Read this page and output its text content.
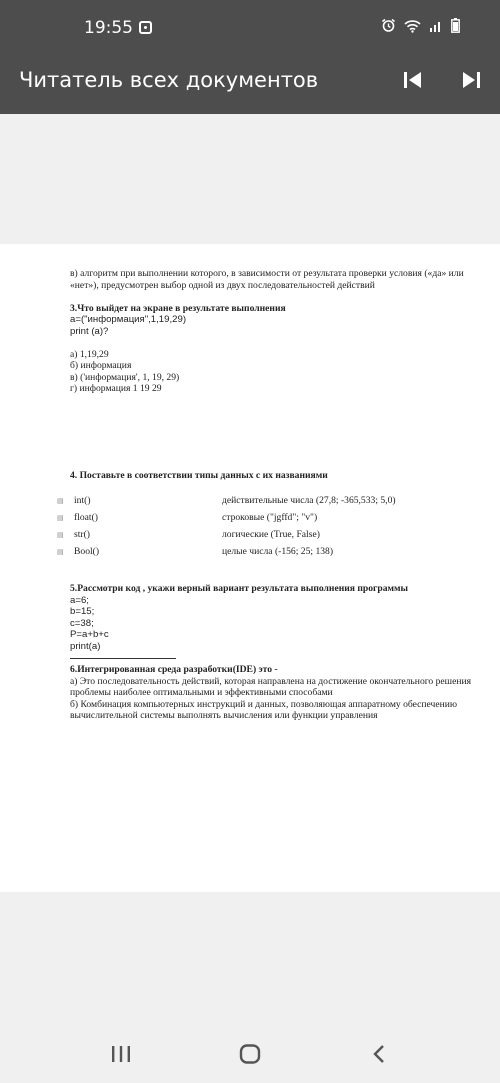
19:55
Читатель всех документов

в) алгоритм при выполнении которого, в зависимости от результата проверки условия («да» или «нет»), предусмотрен выбор одной из двух последовательностей действий

3.Что выйдет на экране в результате выполнения

а=("информация",1,19,29)

print (a)?

а) 1,19,29

б) информация

в) ('информация', 1, 19, 29)

г) информация 1 19 29

4. Поставьте в соответствии типы данных с их названиями

▤ int()	действительные числа (27,8; -365,533; 5,0)
▤ float()	строковые ("jgffd"; "v")
▤ str()	логические (True, False)
▤ Bool()	целые числа (-156; 25; 138)

5.Рассмотри код , укажи верный вариант результата выполнения программы

a=6;

b=15;

c=38;

P=a+b+c

print(a)

6.Интегрированная среда разработки(IDE) это -

а) Это последовательность действий, которая направлена на достижение окончательного решения проблемы наиболее оптимальными и эффективными способами

б) Комбинация компьютерных инструкций и данных, позволяющая аппаратному обеспечению вычислительной системы выполнять вычисления или функции управления
